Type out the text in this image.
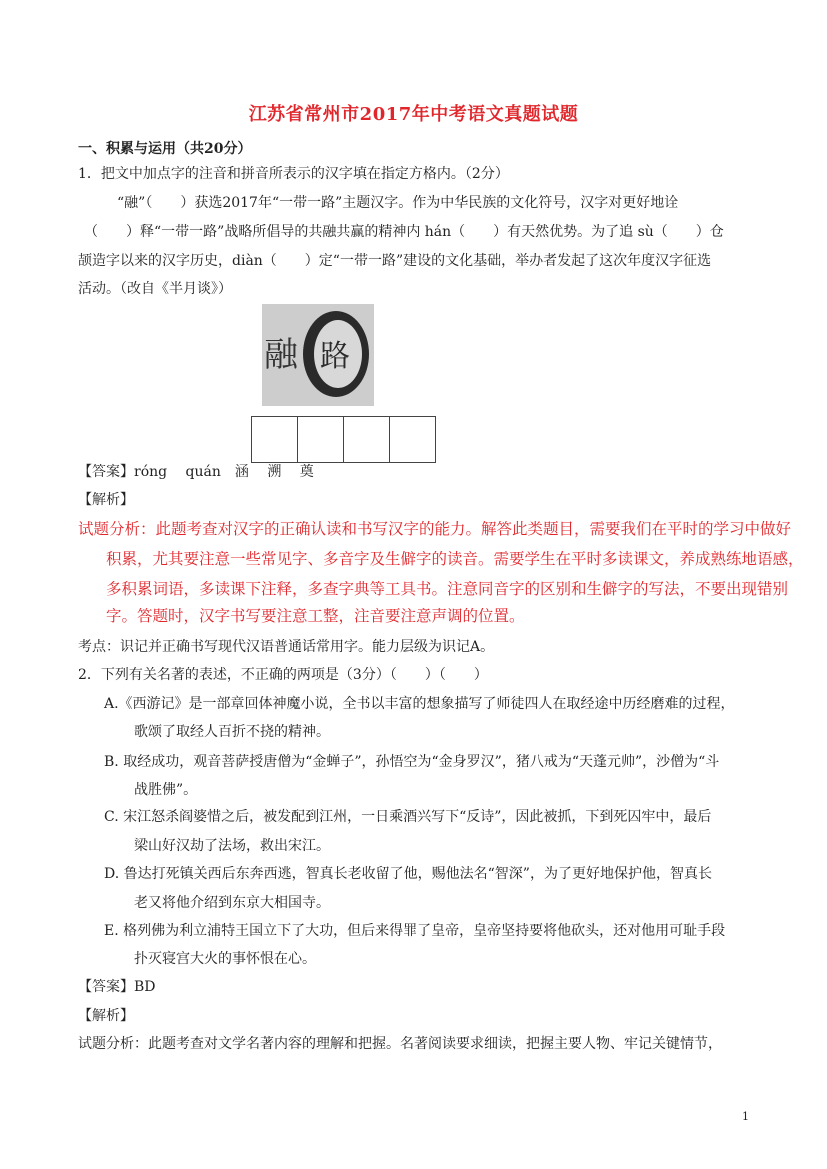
江苏省常州市2017年中考语文真题试题
一、积累与运用（共20分）
1．把文中加点字的注音和拼音所表示的汉字填在指定方格内。（2分）
“融”（　　）获选2017年“一带一路”主题汉字。作为中华民族的文化符号，汉字对更好地诠
（　　）释“一带一路”战略所倡导的共融共赢的精神内 hán（　　）有天然优势。为了追 sù（　　）仓
颉造字以来的汉字历史，diàn（　　）定“一带一路”建设的文化基础，举办者发起了这次年度汉字征选
活动。（改自《半月谈》）
融 路
【答案】róng　 quán　涵　 溯　 奠
【解析】
试题分析：此题考查对汉字的正确认读和书写汉字的能力。解答此类题目，需要我们在平时的学习中做好
积累，尤其要注意一些常见字、多音字及生僻字的读音。需要学生在平时多读课文，养成熟练地语感，
多积累词语，多读课下注释，多查字典等工具书。注意同音字的区别和生僻字的写法，不要出现错别
字。答题时，汉字书写要注意工整，注音要注意声调的位置。
考点：识记并正确书写现代汉语普通话常用字。能力层级为识记A。
2．下列有关名著的表述，不正确的两项是（3分）（　　）（　　）
A.《西游记》是一部章回体神魔小说，全书以丰富的想象描写了师徒四人在取经途中历经磨难的过程，
歌颂了取经人百折不挠的精神。
B. 取经成功，观音菩萨授唐僧为“金蝉子”，孙悟空为“金身罗汉”，猪八戒为“天蓬元帅”，沙僧为“斗
战胜佛”。
C. 宋江怒杀阎婆惜之后，被发配到江州，一日乘酒兴写下“反诗”，因此被抓，下到死囚牢中，最后
梁山好汉劫了法场，救出宋江。
D. 鲁达打死镇关西后东奔西逃，智真长老收留了他，赐他法名“智深”，为了更好地保护他，智真长
老又将他介绍到东京大相国寺。
E. 格列佛为利立浦特王国立下了大功，但后来得罪了皇帝，皇帝坚持要将他砍头，还对他用可耻手段
扑灭寝宫大火的事怀恨在心。
【答案】BD
【解析】
试题分析：此题考查对文学名著内容的理解和把握。名著阅读要求细读，把握主要人物、牢记关键情节，
1
